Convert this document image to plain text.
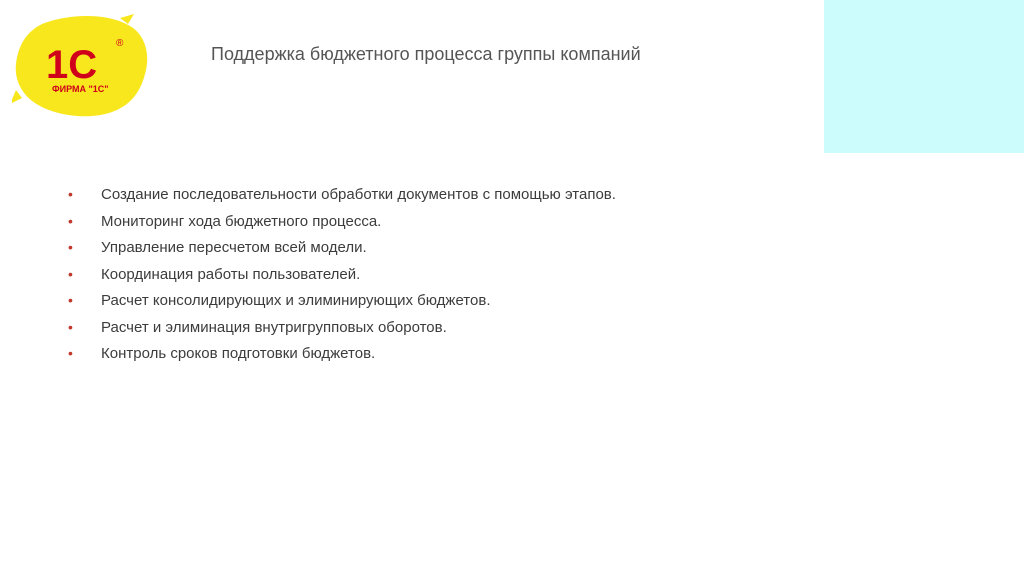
1С ®
ФИРМА "1С"
Поддержка бюджетного процесса группы компаний
• Создание последовательности обработки документов с помощью этапов.
• Мониторинг хода бюджетного процесса.
• Управление пересчетом всей модели.
• Координация работы пользователей.
• Расчет консолидирующих и элиминирующих бюджетов.
• Расчет и элиминация внутригрупповых оборотов.
• Контроль сроков подготовки бюджетов.
